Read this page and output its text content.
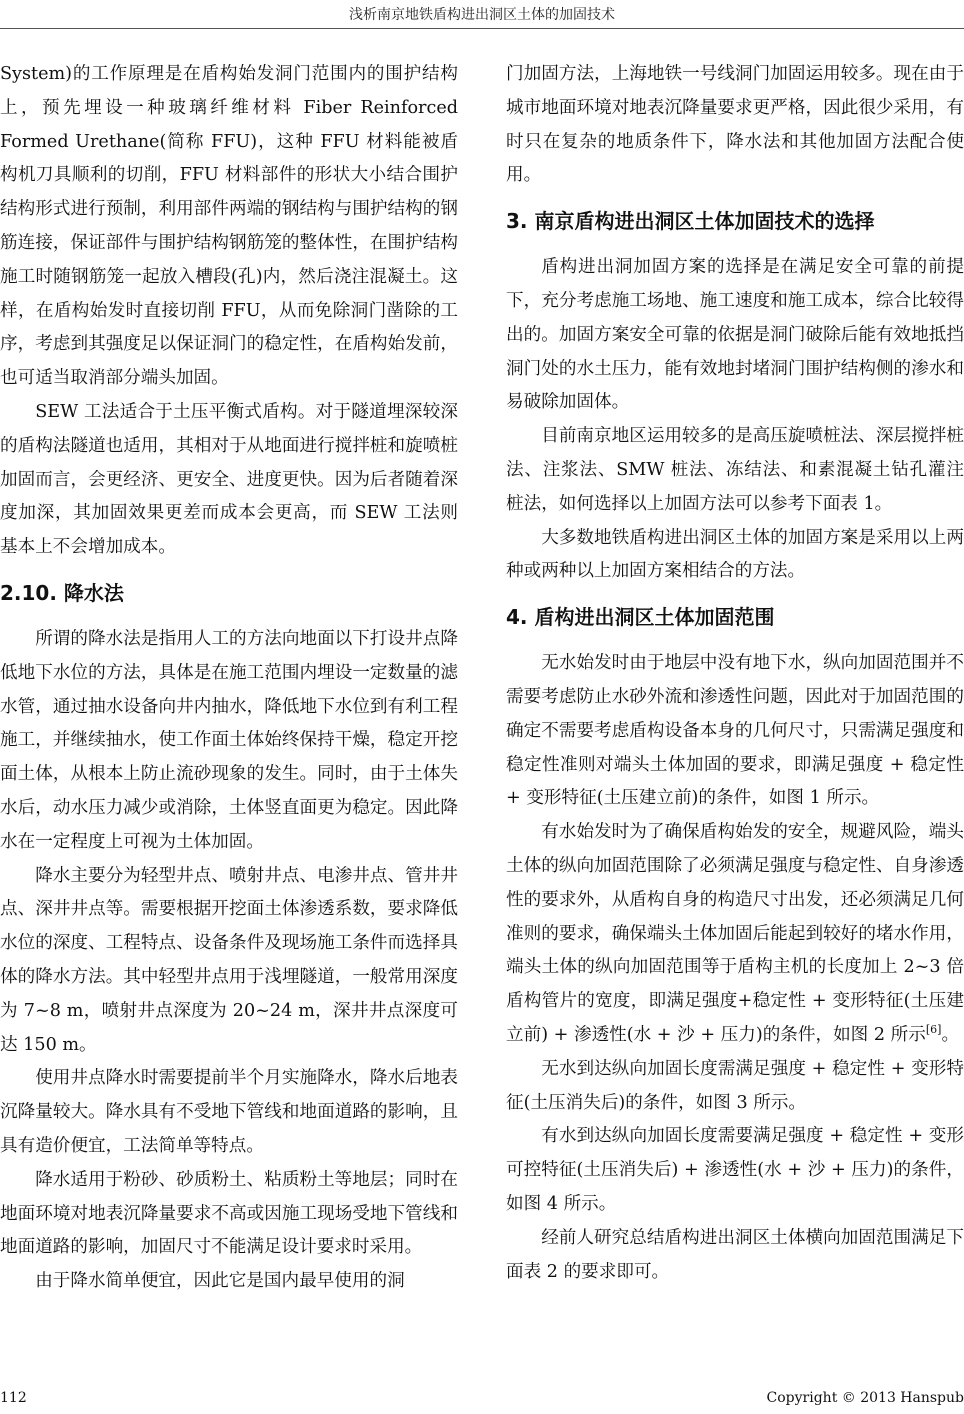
浅析南京地铁盾构进出洞区土体的加固技术

System)的工作原理是在盾构始发洞门范围内的围护结构上，预先埋设一种玻璃纤维材料 Fiber Reinforced Formed Urethane(简称 FFU)，这种 FFU 材料能被盾构机刀具顺利的切削，FFU 材料部件的形状大小结合围护结构形式进行预制，利用部件两端的钢结构与围护结构的钢筋连接，保证部件与围护结构钢筋笼的整体性，在围护结构施工时随钢筋笼一起放入槽段(孔)内，然后浇注混凝土。这样，在盾构始发时直接切削 FFU，从而免除洞门凿除的工序，考虑到其强度足以保证洞门的稳定性，在盾构始发前，也可适当取消部分端头加固。

SEW 工法适合于土压平衡式盾构。对于隧道埋深较深的盾构法隧道也适用，其相对于从地面进行搅拌桩和旋喷桩加固而言，会更经济、更安全、进度更快。因为后者随着深度加深，其加固效果更差而成本会更高，而 SEW 工法则基本上不会增加成本。

2.10. 降水法

所谓的降水法是指用人工的方法向地面以下打设井点降低地下水位的方法，具体是在施工范围内埋设一定数量的滤水管，通过抽水设备向井内抽水，降低地下水位到有利工程施工，并继续抽水，使工作面土体始终保持干燥，稳定开挖面土体，从根本上防止流砂现象的发生。同时，由于土体失水后，动水压力减少或消除，土体竖直面更为稳定。因此降水在一定程度上可视为土体加固。

降水主要分为轻型井点、喷射井点、电渗井点、管井井点、深井井点等。需要根据开挖面土体渗透系数，要求降低水位的深度、工程特点、设备条件及现场施工条件而选择具体的降水方法。其中轻型井点用于浅埋隧道，一般常用深度为 7~8 m，喷射井点深度为 20~24 m，深井井点深度可达 150 m。

使用井点降水时需要提前半个月实施降水，降水后地表沉降量较大。降水具有不受地下管线和地面道路的影响，且具有造价便宜，工法简单等特点。

降水适用于粉砂、砂质粉土、粘质粉土等地层；同时在地面环境对地表沉降量要求不高或因施工现场受地下管线和地面道路的影响，加固尺寸不能满足设计要求时采用。

由于降水简单便宜，因此它是国内最早使用的洞

门加固方法，上海地铁一号线洞门加固运用较多。现在由于城市地面环境对地表沉降量要求更严格，因此很少采用，有时只在复杂的地质条件下，降水法和其他加固方法配合使用。

3. 南京盾构进出洞区土体加固技术的选择

盾构进出洞加固方案的选择是在满足安全可靠的前提下，充分考虑施工场地、施工速度和施工成本，综合比较得出的。加固方案安全可靠的依据是洞门破除后能有效地抵挡洞门处的水土压力，能有效地封堵洞门围护结构侧的渗水和易破除加固体。

目前南京地区运用较多的是高压旋喷桩法、深层搅拌桩法、注浆法、SMW 桩法、冻结法、和素混凝土钻孔灌注桩法，如何选择以上加固方法可以参考下面表 1。

大多数地铁盾构进出洞区土体的加固方案是采用以上两种或两种以上加固方案相结合的方法。

4. 盾构进出洞区土体加固范围

无水始发时由于地层中没有地下水，纵向加固范围并不需要考虑防止水砂外流和渗透性问题，因此对于加固范围的确定不需要考虑盾构设备本身的几何尺寸，只需满足强度和稳定性准则对端头土体加固的要求，即满足强度 + 稳定性 + 变形特征(土压建立前)的条件，如图 1 所示。

有水始发时为了确保盾构始发的安全，规避风险，端头土体的纵向加固范围除了必须满足强度与稳定性、自身渗透性的要求外，从盾构自身的构造尺寸出发，还必须满足几何准则的要求，确保端头土体加固后能起到较好的堵水作用，端头土体的纵向加固范围等于盾构主机的长度加上 2~3 倍盾构管片的宽度，即满足强度+稳定性 + 变形特征(土压建立前) + 渗透性(水 + 沙 + 压力)的条件，如图 2 所示[6]。

无水到达纵向加固长度需满足强度 + 稳定性 + 变形特征(土压消失后)的条件，如图 3 所示。

有水到达纵向加固长度需要满足强度 + 稳定性 + 变形可控特征(土压消失后) + 渗透性(水 + 沙 + 压力)的条件，如图 4 所示。

经前人研究总结盾构进出洞区土体横向加固范围满足下面表 2 的要求即可。

112	Copyright © 2013 Hanspub
